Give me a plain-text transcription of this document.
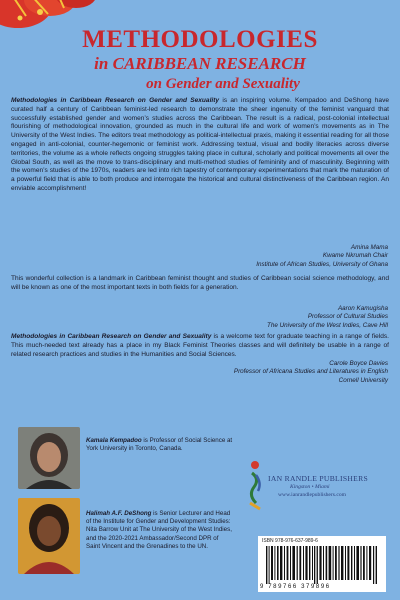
METHODOLOGIES
in CARIBBEAN RESEARCH
on Gender and Sexuality

Methodologies in Caribbean Research on Gender and Sexuality is an inspiring volume. Kempadoo and DeShong have curated half a century of Caribbean feminist-led research to demonstrate the sheer ingenuity of the feminist vanguard that successfully established gender and women’s studies across the Caribbean. The result is a radical, post-colonial intellectual flourishing of methodological innovation, grounded as much in the cultural life and work of women’s movements as in The University of the West Indies. The editors treat methodology as political-intellectual praxis, making it essential reading for all those engaged in anti-colonial, counter-hegemonic or feminist work. Addressing textual, visual and bodily literacies across diverse territories, the volume as a whole reflects ongoing struggles taking place in cultural, scholarly and political movements all over the Global South, as well as the move to trans-disciplinary and multi-method studies of femininity and of masculinity. Beginning with the women’s studies of the 1970s, readers are led into rich tapestry of contemporary experimentations that mark the maturation of a powerful field that is able to both produce and interrogate the historical and cultural distinctiveness of the Caribbean region. An enviable accomplishment!

Amina Mama
Kwame Nkrumah Chair
Institute of African Studies, University of Ghana

This wonderful collection is a landmark in Caribbean feminist thought and studies of Caribbean social science methodology, and will be known as one of the most important texts in both fields for a generation.

Aaron Kamugisha
Professor of Cultural Studies
The University of the West Indies, Cave Hill

Methodologies in Caribbean Research on Gender and Sexuality is a welcome text for graduate teaching in a range of fields. This much-needed text already has a place in my Black Feminist Theories classes and will definitely be usable in a range of related research practices and studies in the Humanities and Social Sciences.

Carole Boyce Davies
Professor of Africana Studies and Literatures in English
Cornell University
Kamala Kempadoo is Professor of Social Science at York University in Toronto, Canada.
Halimah A.F. DeShong is Senior Lecturer and Head of the Institute for Gender and Development Studies: Nita Barrow Unit at The University of the West Indies, and the 2020-2021 Ambassador/Second DPR of Saint Vincent and the Grenadines to the UN.
IAN RANDLE PUBLISHERS
Kingston • Miami
www.ianrandlepublishers.com
ISBN 978-976-637-989-6
9 789766 379896
